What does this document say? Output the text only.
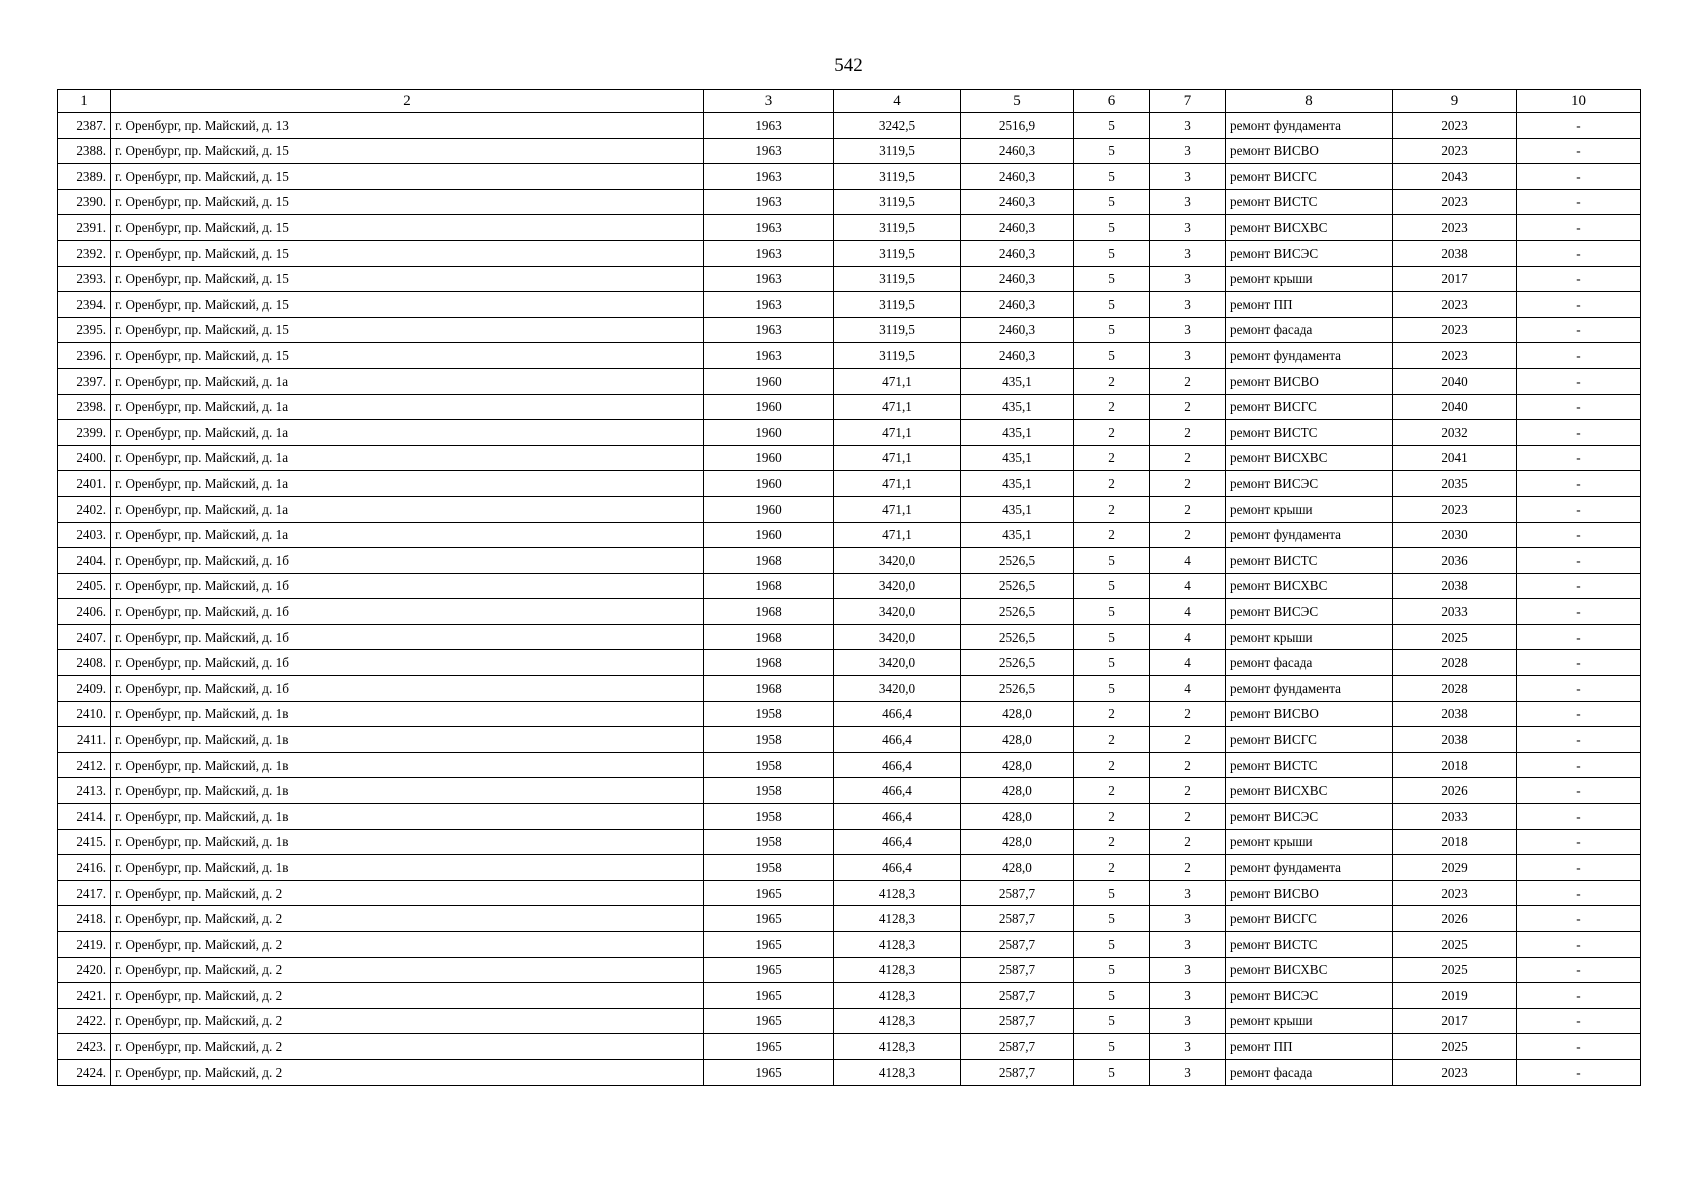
542
1	2	3	4	5	6	7	8	9	10
2387.	г. Оренбург, пр. Майский, д. 13	1963	3242,5	2516,9	5	3	ремонт фундамента	2023	-
2388.	г. Оренбург, пр. Майский, д. 15	1963	3119,5	2460,3	5	3	ремонт ВИСВО	2023	-
2389.	г. Оренбург, пр. Майский, д. 15	1963	3119,5	2460,3	5	3	ремонт ВИСГС	2043	-
2390.	г. Оренбург, пр. Майский, д. 15	1963	3119,5	2460,3	5	3	ремонт ВИСТС	2023	-
2391.	г. Оренбург, пр. Майский, д. 15	1963	3119,5	2460,3	5	3	ремонт ВИСХВС	2023	-
2392.	г. Оренбург, пр. Майский, д. 15	1963	3119,5	2460,3	5	3	ремонт ВИСЭС	2038	-
2393.	г. Оренбург, пр. Майский, д. 15	1963	3119,5	2460,3	5	3	ремонт крыши	2017	-
2394.	г. Оренбург, пр. Майский, д. 15	1963	3119,5	2460,3	5	3	ремонт ПП	2023	-
2395.	г. Оренбург, пр. Майский, д. 15	1963	3119,5	2460,3	5	3	ремонт фасада	2023	-
2396.	г. Оренбург, пр. Майский, д. 15	1963	3119,5	2460,3	5	3	ремонт фундамента	2023	-
2397.	г. Оренбург, пр. Майский, д. 1а	1960	471,1	435,1	2	2	ремонт ВИСВО	2040	-
2398.	г. Оренбург, пр. Майский, д. 1а	1960	471,1	435,1	2	2	ремонт ВИСГС	2040	-
2399.	г. Оренбург, пр. Майский, д. 1а	1960	471,1	435,1	2	2	ремонт ВИСТС	2032	-
2400.	г. Оренбург, пр. Майский, д. 1а	1960	471,1	435,1	2	2	ремонт ВИСХВС	2041	-
2401.	г. Оренбург, пр. Майский, д. 1а	1960	471,1	435,1	2	2	ремонт ВИСЭС	2035	-
2402.	г. Оренбург, пр. Майский, д. 1а	1960	471,1	435,1	2	2	ремонт крыши	2023	-
2403.	г. Оренбург, пр. Майский, д. 1а	1960	471,1	435,1	2	2	ремонт фундамента	2030	-
2404.	г. Оренбург, пр. Майский, д. 1б	1968	3420,0	2526,5	5	4	ремонт ВИСТС	2036	-
2405.	г. Оренбург, пр. Майский, д. 1б	1968	3420,0	2526,5	5	4	ремонт ВИСХВС	2038	-
2406.	г. Оренбург, пр. Майский, д. 1б	1968	3420,0	2526,5	5	4	ремонт ВИСЭС	2033	-
2407.	г. Оренбург, пр. Майский, д. 1б	1968	3420,0	2526,5	5	4	ремонт крыши	2025	-
2408.	г. Оренбург, пр. Майский, д. 1б	1968	3420,0	2526,5	5	4	ремонт фасада	2028	-
2409.	г. Оренбург, пр. Майский, д. 1б	1968	3420,0	2526,5	5	4	ремонт фундамента	2028	-
2410.	г. Оренбург, пр. Майский, д. 1в	1958	466,4	428,0	2	2	ремонт ВИСВО	2038	-
2411.	г. Оренбург, пр. Майский, д. 1в	1958	466,4	428,0	2	2	ремонт ВИСГС	2038	-
2412.	г. Оренбург, пр. Майский, д. 1в	1958	466,4	428,0	2	2	ремонт ВИСТС	2018	-
2413.	г. Оренбург, пр. Майский, д. 1в	1958	466,4	428,0	2	2	ремонт ВИСХВС	2026	-
2414.	г. Оренбург, пр. Майский, д. 1в	1958	466,4	428,0	2	2	ремонт ВИСЭС	2033	-
2415.	г. Оренбург, пр. Майский, д. 1в	1958	466,4	428,0	2	2	ремонт крыши	2018	-
2416.	г. Оренбург, пр. Майский, д. 1в	1958	466,4	428,0	2	2	ремонт фундамента	2029	-
2417.	г. Оренбург, пр. Майский, д. 2	1965	4128,3	2587,7	5	3	ремонт ВИСВО	2023	-
2418.	г. Оренбург, пр. Майский, д. 2	1965	4128,3	2587,7	5	3	ремонт ВИСГС	2026	-
2419.	г. Оренбург, пр. Майский, д. 2	1965	4128,3	2587,7	5	3	ремонт ВИСТС	2025	-
2420.	г. Оренбург, пр. Майский, д. 2	1965	4128,3	2587,7	5	3	ремонт ВИСХВС	2025	-
2421.	г. Оренбург, пр. Майский, д. 2	1965	4128,3	2587,7	5	3	ремонт ВИСЭС	2019	-
2422.	г. Оренбург, пр. Майский, д. 2	1965	4128,3	2587,7	5	3	ремонт крыши	2017	-
2423.	г. Оренбург, пр. Майский, д. 2	1965	4128,3	2587,7	5	3	ремонт ПП	2025	-
2424.	г. Оренбург, пр. Майский, д. 2	1965	4128,3	2587,7	5	3	ремонт фасада	2023	-
